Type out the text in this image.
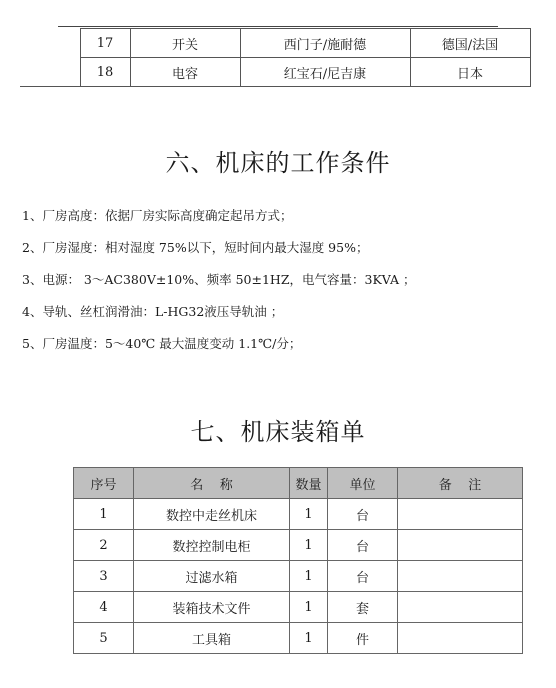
	17	开关	西门子/施耐德	德国/法国
	18	电容	红宝石/尼吉康	日本
六、机床的工作条件
1、厂房高度：依据厂房实际高度确定起吊方式；
2、厂房湿度：相对湿度 75%以下，短时间内最大湿度 95%；
3、电源： 3～AC380V±10%、频率 50±1HZ，电气容量：3KVA ；
4、导轨、丝杠润滑油：L-HG32液压导轨油 ；
5、厂房温度：5～40℃ 最大温度变动 1.1℃/分；
七、机床装箱单
序号	名    称	数量	单位	备    注
1	数控中走丝机床	1	台	
2	数控控制电柜	1	台	
3	过滤水箱	1	台	
4	装箱技术文件	1	套	
5	工具箱	1	件	
